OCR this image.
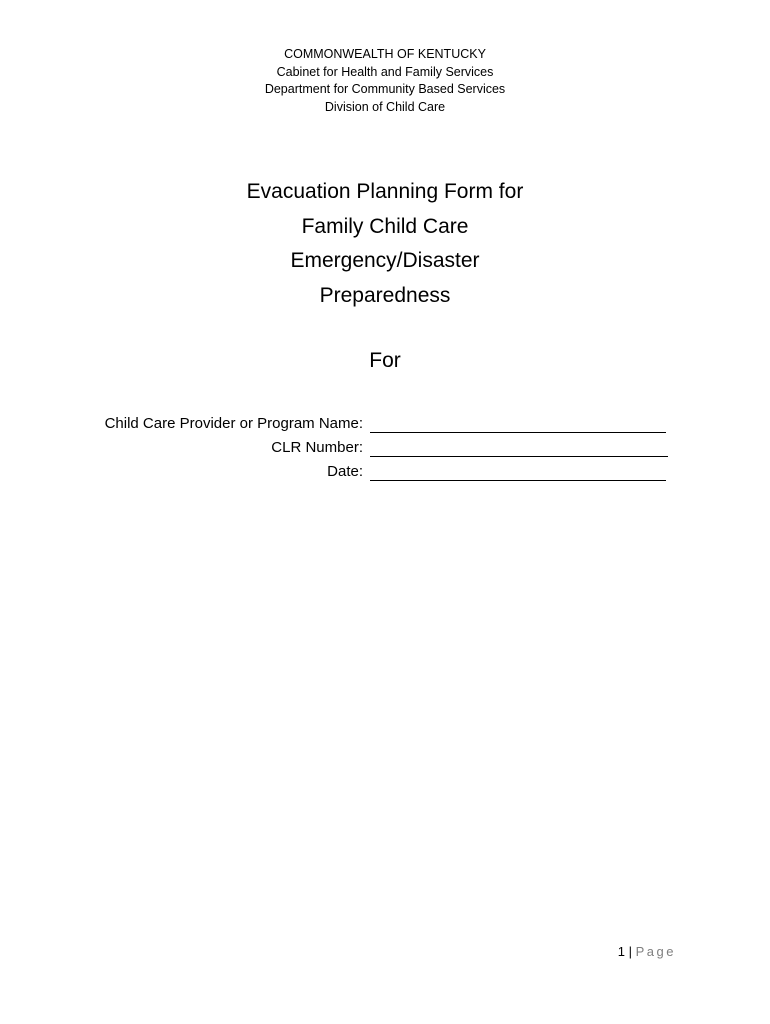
COMMONWEALTH OF KENTUCKY
Cabinet for Health and Family Services
Department for Community Based Services
Division of Child Care
Evacuation Planning Form for
Family Child Care
Emergency/Disaster
Preparedness
For
Child Care Provider or Program Name:
CLR Number:
Date:
1 | Page
